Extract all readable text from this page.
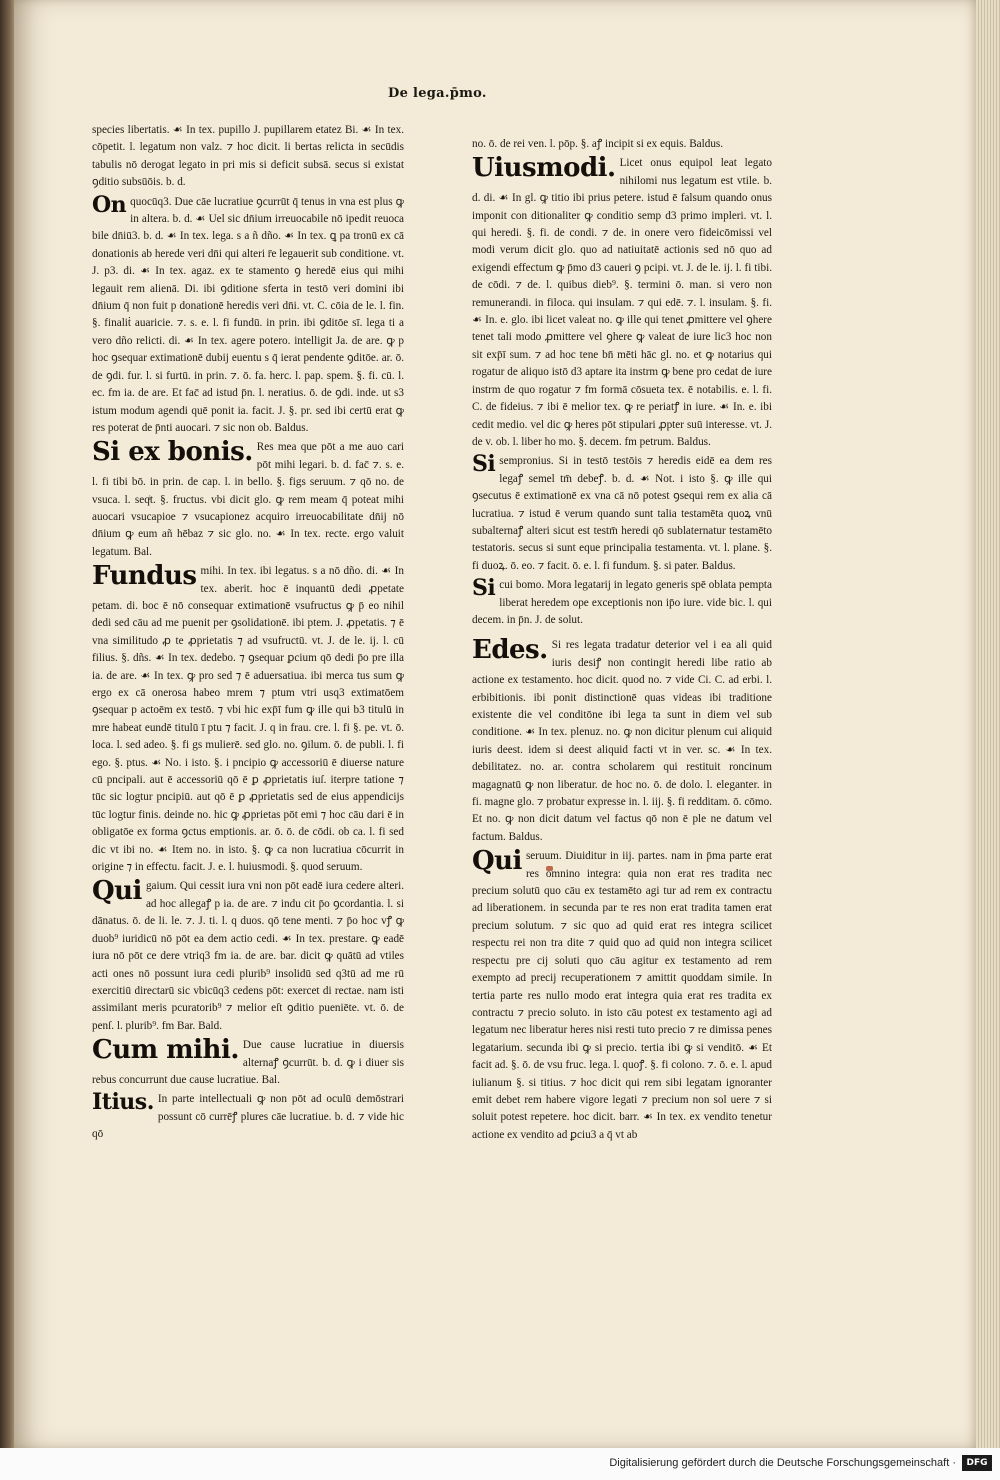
De lega.p̄mo.

species libertatis. ☙ In tex. pupillo J. pupillarem etatez Bi. ☙ In tex. cōpetit. l. legatum non valz. ⁊ hoc dicit. li bertas relicta in secūdis tabulis nō derogat legato in pri mis si deficit subsā. secus si existat ꝯditio subsūōis. b. d.

On quocūq3. Due cāe lucratiue ꝯcurrūt q̄ tenus in vna est plus ꝙ in altera. b. d. ☙ Uel sic dn̄ium irreuocabile nō ipedit reuoca bile dn̄iū3. b. d. ☙ In tex. lega. s a ñ dño. ☙ In tex. ꝗ pa tronū ex cā donationis ab herede veri dn̄i qui alteri r̄e legauerit sub conditione. vt. J. p3. di. ☙ In tex. agaz. ex te stamento ꝯ heredē eius qui mihi legauit rem alienā. Di. ibi ꝯditione sferta in testō veri domini ibi dn̄ium q̄ non fuit p donationē heredis veri dn̄i. vt. C. cōia de le. l. fin. §. finaliṫ auaricie. ⁊. s. e. l. fi fundū. in prin. ibi ꝯditōe sī. lega ti a vero dño relicti. di. ☙ In tex. agere potero. intelligit Ja. de are. ꝙ p hoc ꝯsequar extimationē dubij euentu s q̄ ierat pendente ꝯditōe. ar. ō. de ꝯdi. fur. l. si furtū. in prin. ⁊. ō. fa. herc. l. pap. spem. §. fi. cū. l. ec. fm ia. de are. Et fac̄ ad istud p̄n. l. neratius. ō. de ꝯdi. inde. ut s3 istum modum agendi quē ponit ia. facit. J. §. pr. sed ibi certū erat ꝙ res poterat de p̄nti auocari. ⁊ sic non ob. Baldus.
Si ex bonis. Res mea que pōt a me auo cari pōt mihi legari. b. d. fac̄ ⁊. s. e. l. fi tibi bō. in prin. de cap. l. in bello. §. figs seruum. ⁊ qō no. de vsuca. l. seqͥt. §. fructus. vbi dicit glo. ꝙ rem meam q̄ poteat mihi auocari vsucapioe ⁊ vsucapionez acquiro irreuocabilitate dn̄ij nō dn̄ium ꝙ eum añ hēbaz ⁊ sic glo. no. ☙ In tex. recte. ergo valuit legatum. Bal.
Fundus mihi. In tex. ibi legatus. s a nō dño. di. ☙ In tex. aberit. hoc ē inquantū dedi ꝓpetate petam. di. boc ē nō consequar extimationē vsufructus ꝙ p̄ eo nihil dedi sed cāu ad me puenit per ꝯsolidationē. ibi ptem. J. ꝓpetatis. ⁊ ē vna similitudo ꝓ te ꝓprietatis ⁊ ad vsufructū. vt. J. de le. ij. l. cū filius. §. dñs. ☙ In tex. dedebo. ⁊ ꝯsequar ꝑcium qō dedi p̄o pre illa ia. de are. ☙ In tex. ꝙ pro sed ⁊ ē aduersatiua. ibi merca tus sum ꝙ ergo ex cā onerosa habeo mrem ⁊ ptum vtri usq3 extimatōem ꝯsequar p actoēm ex testō. ⁊ vbi hic exp̄ī fum ꝙ ille qui b3 titulū in mre habeat eundē titulū ī ptu ⁊ facit. J. q in frau. cre. l. fi §. pe. vt. ō. loca. l. sed adeo. §. fi gs mulierē. sed glo. no. ꝯilum. ō. de publi. l. fi ego. §. ptus. ☙ No. i isto. §. i pncipio ꝙ accessoriū ē diuerse nature cū pncipali. aut ē accessoriū qō ē ꝑ ꝓprietatis iuſ. iterpre tatione ⁊ tūc sic logtur pncipiū. aut qō ē ꝑ ꝓprietatis sed de eius appendicijs tūc logtur finis. deinde no. hic ꝙ ꝓprietas pōt emi ⁊ hoc cāu dari ē in obligatōe ex forma ꝯctus emptionis. ar. ō. ō. de cōdi. ob ca. l. fi sed dic vt ibi no. ☙ Item no. in isto. §. ꝙ ca non lucratiua cōcurrit in origine ⁊ in effectu. facit. J. e. l. huiusmodi. §. quod seruum.
Qui gaium. Qui cessit iura vni non pōt eadē iura cedere alteri. ad hoc allegaꝭ p ia. de are. ⁊ indu cit p̄o ꝯcordantia. l. si dānatus. ō. de li. le. ⁊. J. ti. l. q duos. qō tene menti. ⁊ p̄o hoc vꝭ ꝙ duob⁹ iuridicū nō pōt ea dem actio cedi. ☙ In tex. prestare. ꝙ eadē iura nō pōt ce dere vtriq3 fm ia. de are. bar. dicit ꝙ quātū ad vtiles acti ones nō possunt iura cedi plurib⁹ insolidū sed q3tū ad me rū exercitiū directarū sic vbicūq3 cedens pōt: exercet di rectae. nam isti assimilant meris pcuratorib⁹ ⁊ melior eſt ꝯditio pueniēte. vt. ō. de penſ. l. plurib⁹. fm Bar. Bald.
Cum mihi. Due cause lucratiue in diuersis alternaꝭ ꝯcurrūt. b. d. ꝙ i diuer sis rebus concurrunt due cause lucratiue. Bal.
Itius. In parte intellectuali ꝙ non pōt ad oculū demōstrari possunt cō currēꝭ plures cāe lucratiue. b. d. ⁊ vide hic qō

no. ō. de rei ven. l. pōp. §. aꝭ incipit si ex equis. Baldus.

Uiusmodi. Licet onus equipol leat legato nihilomi nus legatum est vtile. b. d. di. ☙ In gl. ꝙ titio ibi prius petere. istud ē falsum quando onus imponit con ditionaliter ꝙ conditio semp d3 primo impleri. vt. l. qui heredi. §. fi. de condi. ⁊ de. in onere vero fideicōmissi vel modi verum dicit glo. quo ad natiuitatē actionis sed nō quo ad exigendi effectum ꝙ p̄mo d3 caueri ꝯ pcipi. vt. J. de le. ij. l. fi tibi. de cōdi. ⁊ de. l. quibus dieb⁹. §. termini ō. man. si vero non remunerandi. in filoca. qui insulam. ⁊ qui edē. ⁊. l. insulam. §. fi. ☙ In. e. glo. ibi licet valeat no. ꝙ ille qui tenet ꝓmittere vel ꝯhere tenet tali modo ꝓmittere vel ꝯhere ꝙ valeat de iure lic3 hoc non sit exp̄ī sum. ⁊ ad hoc tene bn̄ mēti hāc gl. no. et ꝙ notarius qui rogatur de aliquo istō d3 aptare ita instrm ꝙ bene pro cedat de iure instrm de quo rogatur ⁊ fm formā cōsueta tex. ē notabilis. e. l. fi. C. de fideius. ⁊ ibi ē melior tex. ꝙ re periatꝭ in iure. ☙ In. e. ibi cedit medio. vel dic ꝙ heres pōt stipulari ꝓpter suū interesse. vt. J. de v. ob. l. liber ho mo. §. decem. fm petrum. Baldus.
Si sempronius. Si in testō testōis ⁊ heredis eidē ea dem res legaꝭ semel tm̄ debeꝭ. b. d. ☙ Not. i isto §. ꝙ ille qui ꝯsecutus ē extimationē ex vna cā nō potest ꝯsequi rem ex alia cā lucratiua. ⁊ istud ē verum quando sunt talia testamēta quoꝝ vnū subalternaꝭ alteri sicut est testm̄ heredi qō sublaternatur testamēto testatoris. secus si sunt eque principalia testamenta. vt. l. plane. §. fi duoꝝ. ō. eo. ⁊ facit. ō. e. l. fi fundum. §. si pater. Baldus.
Si cui bomo. Mora legatarij in legato generis spē oblata pempta liberat heredem ope exceptionis non ip̄o iure. vide bic. l. qui decem. in p̄n. J. de solut.
Edes. Si res legata tradatur deterior vel i ea ali quid iuris desiꝭ non contingit heredi libe ratio ab actione ex testamento. hoc dicit. quod no. ⁊ vide Ci. C. ad erbi. l. erbibitionis. ibi ponit distinctionē quas videas ibi traditione existente die vel conditōne ibi lega ta sunt in diem vel sub conditione. ☙ In tex. plenuz. no. ꝙ non dicitur plenum cui aliquid iuris deest. idem si deest aliquid facti vt in ver. sc. ☙ In tex. debilitatez. no. ar. contra scholarem qui restituit roncinum magagnatū ꝙ non liberatur. de hoc no. ō. de dolo. l. eleganter. in fi. magne glo. ⁊ probatur expresse in. l. iij. §. fi redditam. ō. cōmo. Et no. ꝙ non dicit datum vel factus qō non ē ple ne datum vel factum. Baldus.
Qui seruum. Diuiditur in iij. partes. nam in p̄ma parte erat res omnino integra: quia non erat res tradita nec precium solutū quo cāu ex testamēto agi tur ad rem ex contractu ad liberationem. in secunda par te res non erat tradita tamen erat precium solutum. ⁊ sic quo ad quid erat res integra scilicet respectu rei non tra dite ⁊ quid quo ad quid non integra scilicet respectu pre cij soluti quo cāu agitur ex testamento ad rem exempto ad precij recuperationem ⁊ amittit quoddam simile. In tertia parte res nullo modo erat integra quia erat res tradita ex contractu ⁊ precio soluto. in isto cāu potest ex testamento agi ad legatum nec liberatur heres nisi resti tuto precio ⁊ re dimissa penes legatarium. secunda ibi ꝙ si precio. tertia ibi ꝙ si venditō. ☙ Et facit ad. §. ō. de vsu fruc. lega. l. quoꝭ. §. fi colono. ⁊. ō. e. l. apud iulianum §. si titius. ⁊ hoc dicit qui rem sibi legatam ignoranter emit debet rem habere vigore legati ⁊ precium non sol uere ⁊ si soluit potest repetere. hoc dicit. barr. ☙ In tex. ex vendito tenetur actione ex vendito ad ꝑciu3 a q̄ vt ab
Digitalisierung gefördert durch die Deutsche Forschungsgemeinschaft ·	DFG
